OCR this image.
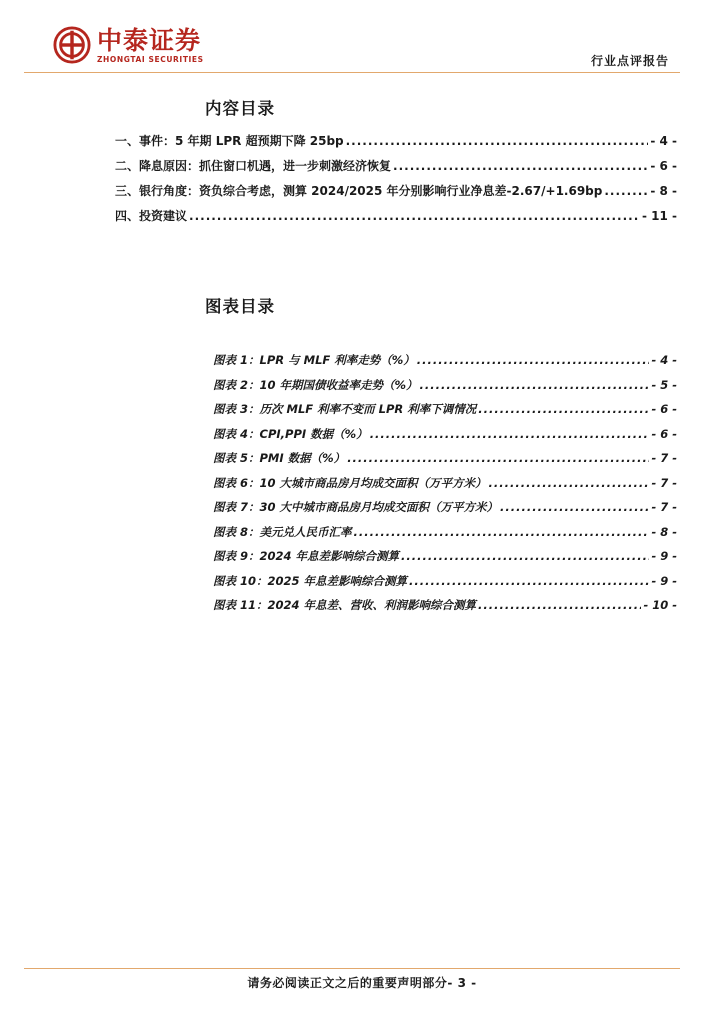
中泰证券
ZHONGTAI SECURITIES	行业点评报告
内容目录
一、事件：5 年期 LPR 超预期下降 25bp .....	- 4 -
二、降息原因：抓住窗口机遇，进一步刺激经济恢复 .....	- 6 -
三、银行角度：资负综合考虑，测算 2024/2025 年分别影响行业净息差-2.67/+1.69bp .....	- 8 -
四、投资建议 .....	- 11 -
图表目录
图表 1：LPR 与 MLF 利率走势（%） .....	- 4 -
图表 2：10 年期国债收益率走势（%） .....	- 5 -
图表 3：历次 MLF 利率不变而 LPR 利率下调情况 .....	- 6 -
图表 4：CPI,PPI 数据（%） .....	- 6 -
图表 5：PMI 数据（%） .....	- 7 -
图表 6：10 大城市商品房月均成交面积（万平方米） .....	- 7 -
图表 7：30 大中城市商品房月均成交面积（万平方米） .....	- 7 -
图表 8：美元兑人民币汇率 .....	- 8 -
图表 9：2024 年息差影响综合测算 .....	- 9 -
图表 10：2025 年息差影响综合测算 .....	- 9 -
图表 11：2024 年息差、营收、利润影响综合测算 .....	- 10 -
请务必阅读正文之后的重要声明部分- 3 -
